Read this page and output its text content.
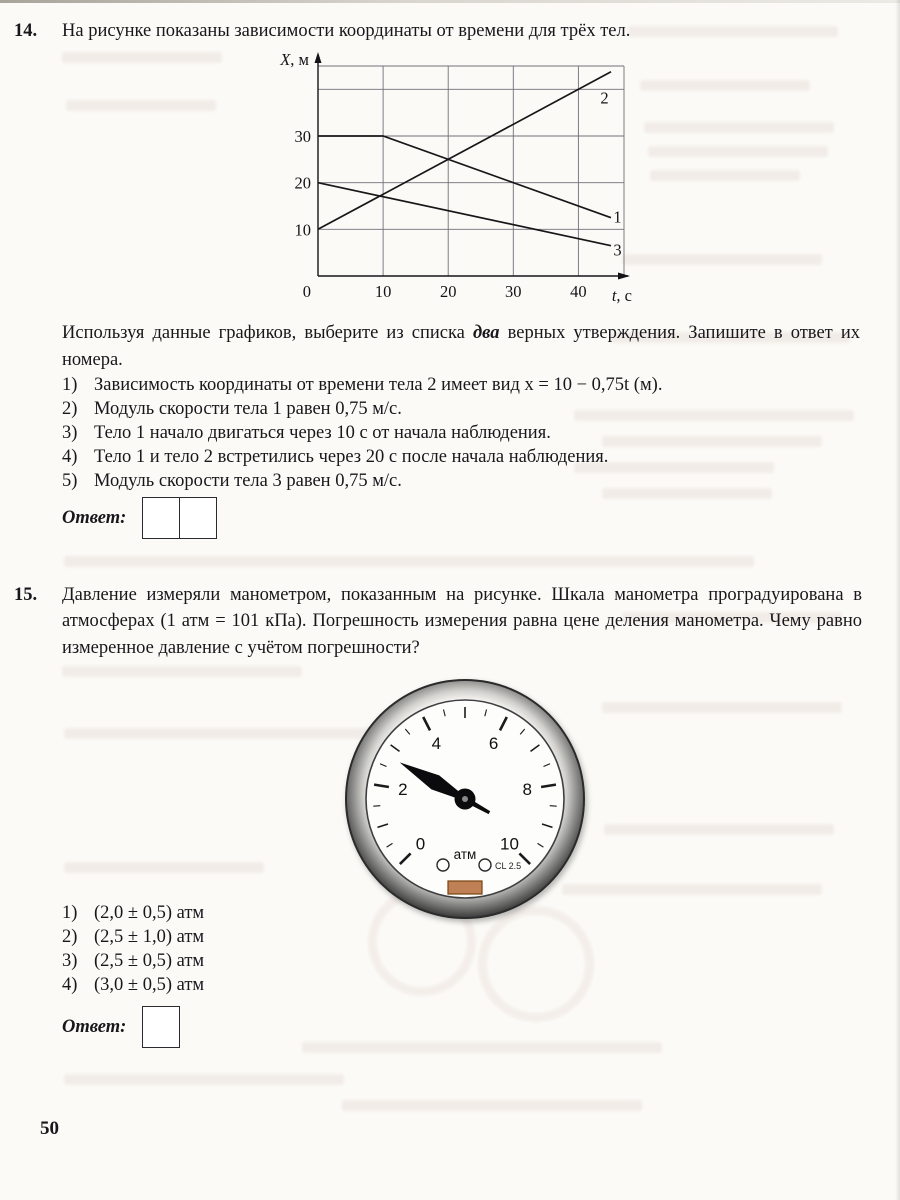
14.	На рисунке показаны зависимости координаты от времени для трёх тел.

X, м
t, с
0
10
20
30
10	20	30	40
2
1
3

Используя данные графиков, выберите из списка два верных утверждения. Запишите в ответ их номера.

1) Зависимость координаты от времени тела 2 имеет вид x = 10 − 0,75t (м).
2) Модуль скорости тела 1 равен 0,75 м/с.
3) Тело 1 начало двигаться через 10 с от начала наблюдения.
4) Тело 1 и тело 2 встретились через 20 с после начала наблюдения.
5) Модуль скорости тела 3 равен 0,75 м/с.
Ответ:
15.	Давление измеряли манометром, показанным на рисунке. Шкала манометра проградуирована в атмосферах (1 атм = 101 кПа). Погрешность измерения равна цене деления манометра. Чему равно измеренное давление с учётом погрешности?

0
2
4	6
8
10
атм
CL 2.5
1) (2,0 ± 0,5) атм
2) (2,5 ± 1,0) атм
3) (2,5 ± 0,5) атм
4) (3,0 ± 0,5) атм
Ответ:
50
